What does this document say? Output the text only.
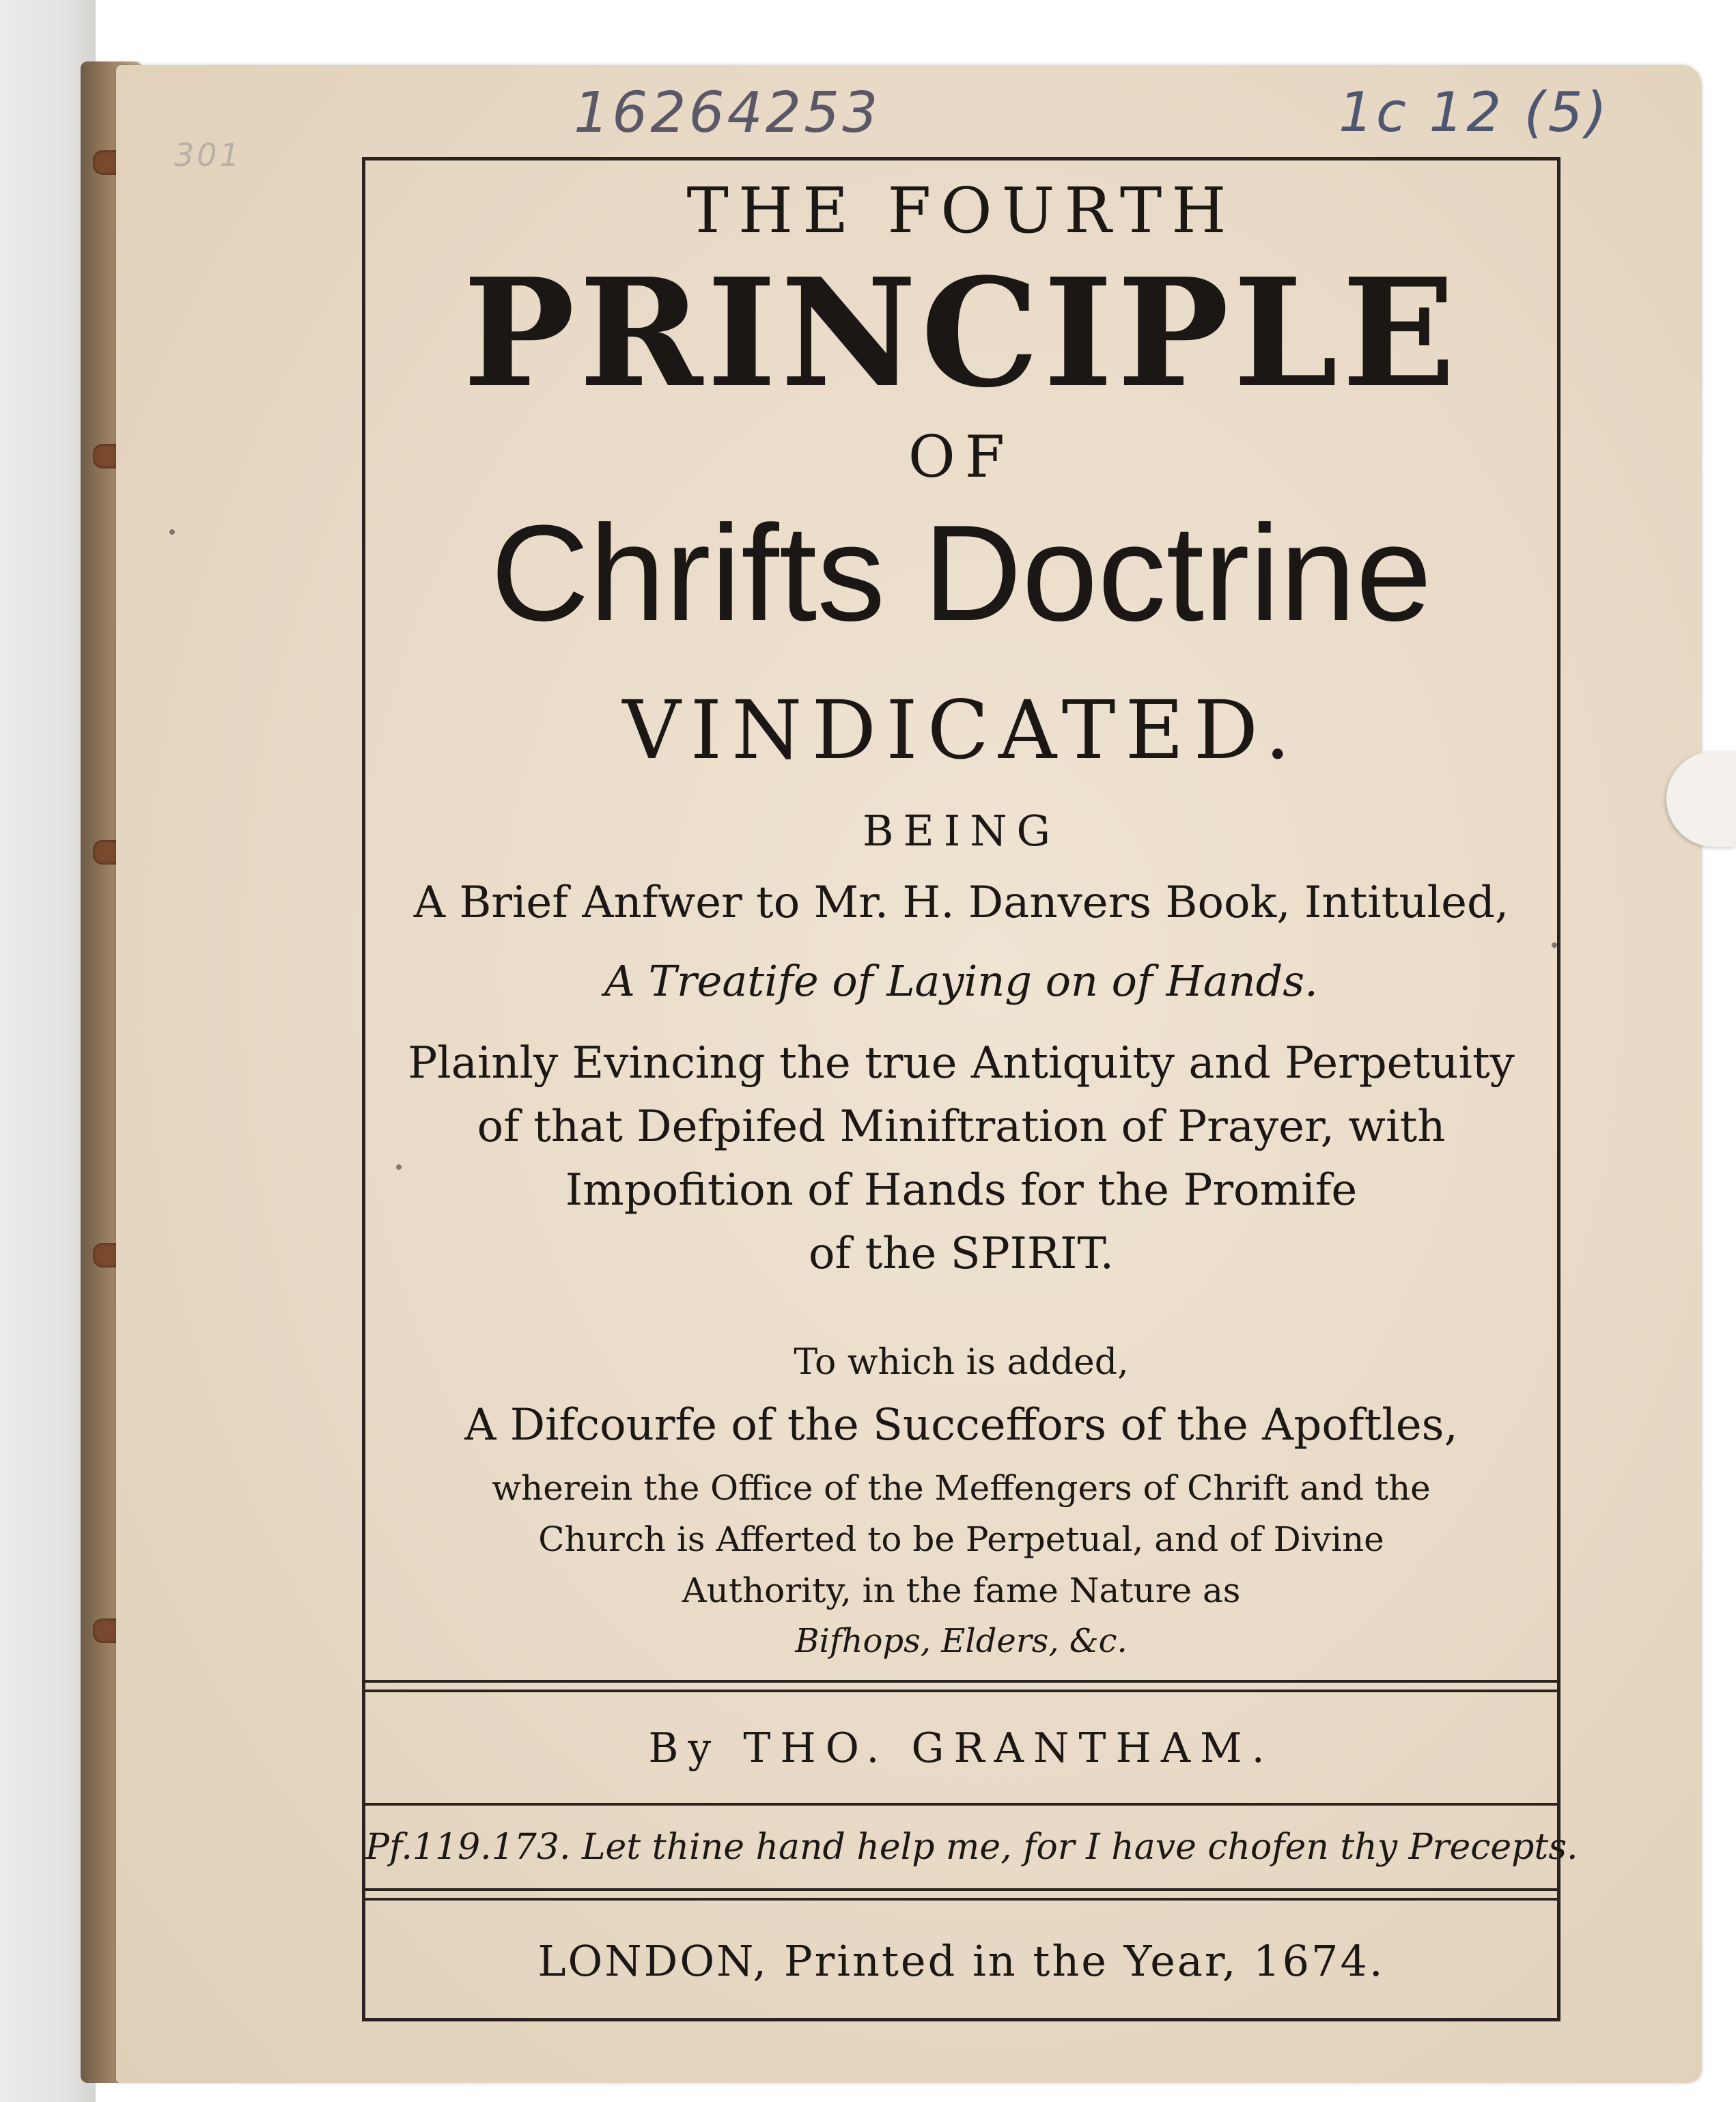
301
16264253	1c 12 (5)
THE FOURTH
PRINCIPLE
OF
Chrifts Doctrine
VINDICATED.
BEING
A Brief Anfwer to Mr. H. Danvers Book, Intituled,
A Treatife of Laying on of Hands.
Plainly Evincing the true Antiquity and Perpetuity
of that Defpifed Miniftration of Prayer, with
Impofition of Hands for the Promife
of the SPIRIT.
To which is added,
A Difcourfe of the Succeffors of the Apoftles,
wherein the Office of the Meffengers of Chrift and the
Church is Afferted to be Perpetual, and of Divine
Authority, in the fame Nature as
Bifhops, Elders, &c.
By THO. GRANTHAM.
Pf.119.173. Let thine hand help me, for I have chofen thy Precepts.
LONDON, Printed in the Year, 1674.
